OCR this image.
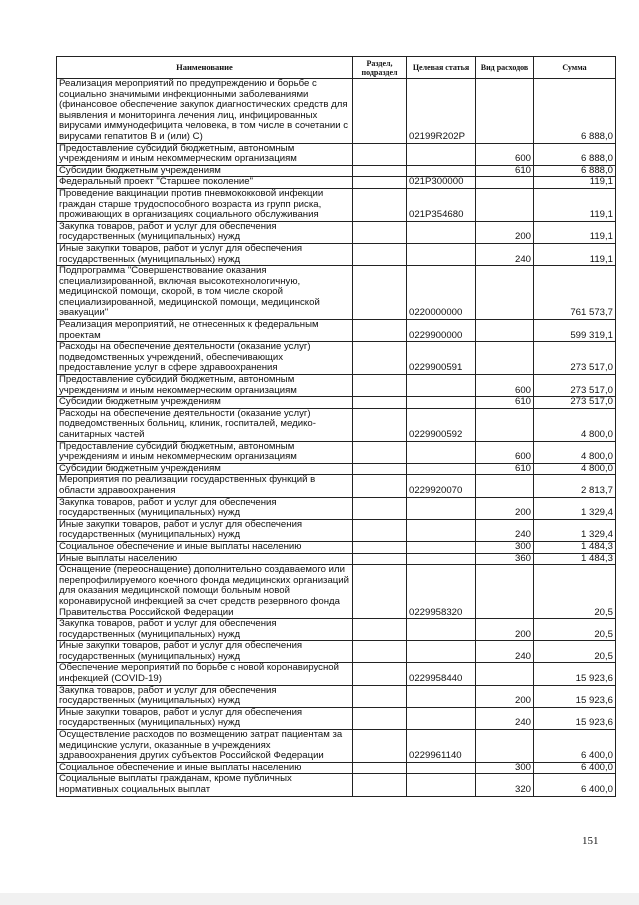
Наименование	Раздел, подраздел	Целевая статья	Вид расходов	Сумма
Реализация мероприятий по предупреждению и борьбе с социально значимыми инфекционными заболеваниями (финансовое обеспечение закупок диагностических средств для выявления и мониторинга лечения лиц, инфицированных вирусами иммунодефицита человека, в том числе в сочетании с вирусами гепатитов В и (или) С)		02199R202P		6 888,0
Предоставление субсидий бюджетным, автономным учреждениям и иным некоммерческим организациям			600	6 888,0
Субсидии бюджетным учреждениям			610	6 888,0
Федеральный проект "Старшее поколение"		021P300000		119,1
Проведение вакцинации против пневмококковой инфекции граждан старше трудоспособного возраста из групп риска, проживающих в организациях социального обслуживания		021P354680		119,1
Закупка товаров, работ и услуг для обеспечения государственных (муниципальных) нужд			200	119,1
Иные закупки товаров, работ и услуг для обеспечения государственных (муниципальных) нужд			240	119,1
Подпрограмма "Совершенствование оказания специализированной, включая высокотехнологичную, медицинской помощи, скорой, в том числе скорой специализированной, медицинской помощи, медицинской эвакуации"		0220000000		761 573,7
Реализация мероприятий, не отнесенных к федеральным проектам		0229900000		599 319,1
Расходы на обеспечение деятельности (оказание услуг) подведомственных учреждений, обеспечивающих предоставление услуг в сфере здравоохранения		0229900591		273 517,0
Предоставление субсидий бюджетным, автономным учреждениям и иным некоммерческим организациям			600	273 517,0
Субсидии бюджетным учреждениям			610	273 517,0
Расходы на обеспечение деятельности (оказание услуг) подведомственных больниц, клиник, госпиталей, медико-санитарных частей		0229900592		4 800,0
Предоставление субсидий бюджетным, автономным учреждениям и иным некоммерческим организациям			600	4 800,0
Субсидии бюджетным учреждениям			610	4 800,0
Мероприятия по реализации государственных функций в области здравоохранения		0229920070		2 813,7
Закупка товаров, работ и услуг для обеспечения государственных (муниципальных) нужд			200	1 329,4
Иные закупки товаров, работ и услуг для обеспечения государственных (муниципальных) нужд			240	1 329,4
Социальное обеспечение и иные выплаты населению			300	1 484,3
Иные выплаты населению			360	1 484,3
Оснащение (переоснащение) дополнительно создаваемого или перепрофилируемого коечного фонда медицинских организаций для оказания медицинской помощи больным новой коронавирусной инфекцией за счет средств резервного фонда Правительства Российской Федерации		0229958320		20,5
Закупка товаров, работ и услуг для обеспечения государственных (муниципальных) нужд			200	20,5
Иные закупки товаров, работ и услуг для обеспечения государственных (муниципальных) нужд			240	20,5
Обеспечение мероприятий по борьбе с новой коронавирусной инфекцией (COVID-19)		0229958440		15 923,6
Закупка товаров, работ и услуг для обеспечения государственных (муниципальных) нужд			200	15 923,6
Иные закупки товаров, работ и услуг для обеспечения государственных (муниципальных) нужд			240	15 923,6
Осуществление расходов по возмещению затрат пациентам за медицинские услуги, оказанные в учреждениях здравоохранения других субъектов Российской Федерации		0229961140		6 400,0
Социальное обеспечение и иные выплаты населению			300	6 400,0
Социальные выплаты гражданам, кроме публичных нормативных социальных выплат			320	6 400,0
151
